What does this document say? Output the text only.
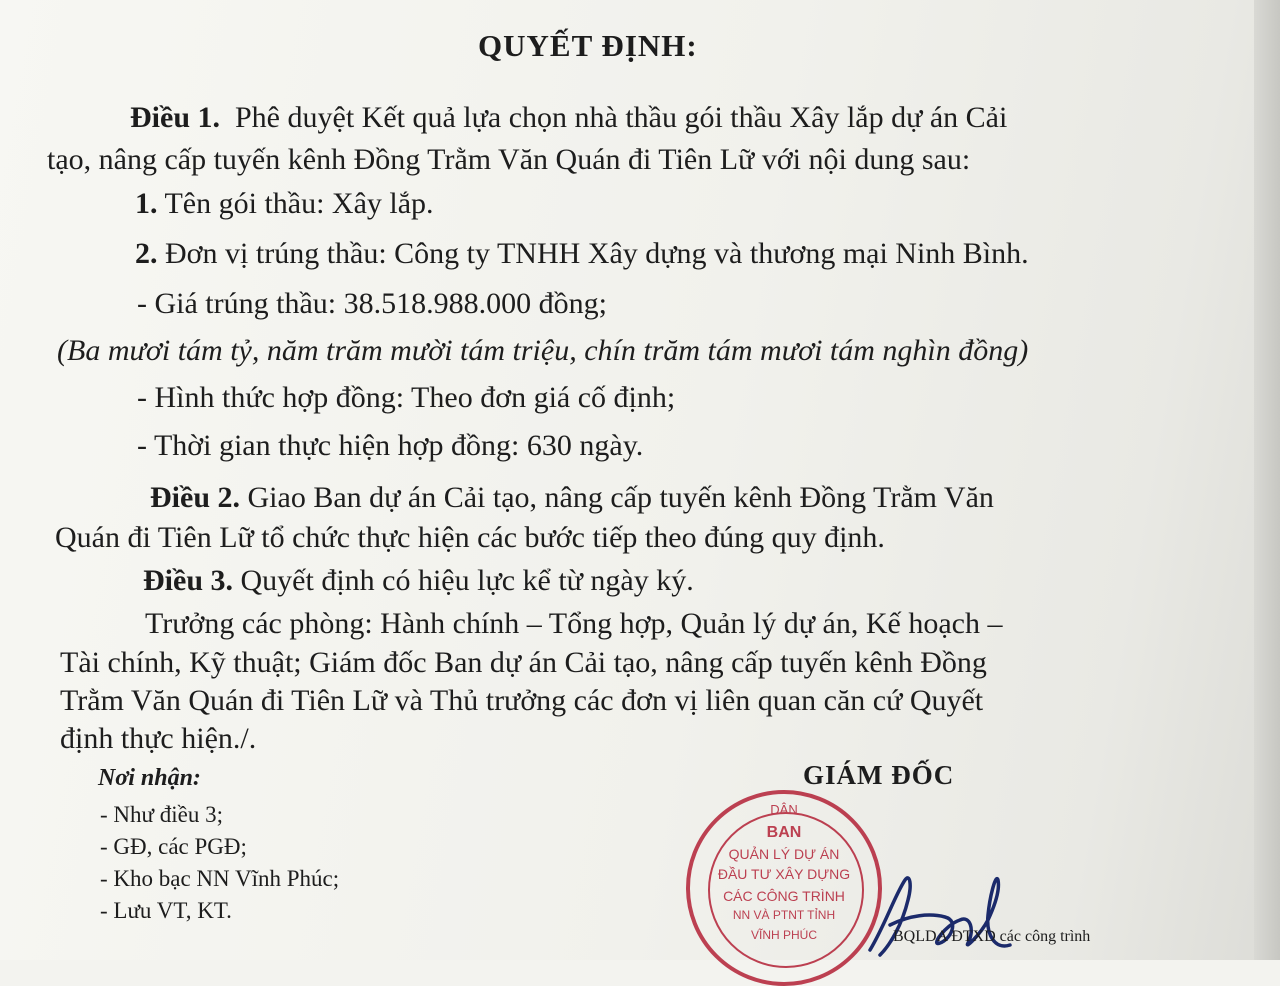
QUYẾT ĐỊNH:
Điều 1. Phê duyệt Kết quả lựa chọn nhà thầu gói thầu Xây lắp dự án Cải
tạo, nâng cấp tuyến kênh Đồng Trằm Văn Quán đi Tiên Lữ với nội dung sau:
1. Tên gói thầu: Xây lắp.
2. Đơn vị trúng thầu: Công ty TNHH Xây dựng và thương mại Ninh Bình.
- Giá trúng thầu: 38.518.988.000 đồng;
(Ba mươi tám tỷ, năm trăm mười tám triệu, chín trăm tám mươi tám nghìn đồng)
- Hình thức hợp đồng: Theo đơn giá cố định;
- Thời gian thực hiện hợp đồng: 630 ngày.
Điều 2. Giao Ban dự án Cải tạo, nâng cấp tuyến kênh Đồng Trằm Văn
Quán đi Tiên Lữ tổ chức thực hiện các bước tiếp theo đúng quy định.
Điều 3. Quyết định có hiệu lực kể từ ngày ký.
Trưởng các phòng: Hành chính – Tổng hợp, Quản lý dự án, Kế hoạch –
Tài chính, Kỹ thuật; Giám đốc Ban dự án Cải tạo, nâng cấp tuyến kênh Đồng
Trằm Văn Quán đi Tiên Lữ và Thủ trưởng các đơn vị liên quan căn cứ Quyết
định thực hiện./.
Nơi nhận:
- Như điều 3;
- GĐ, các PGĐ;
- Kho bạc NN Vĩnh Phúc;
- Lưu VT, KT.
GIÁM ĐỐC
DÂN
BAN
QUẢN LÝ DỰ ÁN
ĐẦU TƯ XÂY DỰNG
CÁC CÔNG TRÌNH
NN VÀ PTNT TỈNH
VĨNH PHÚC	BQLDA ĐTXD các công trình
